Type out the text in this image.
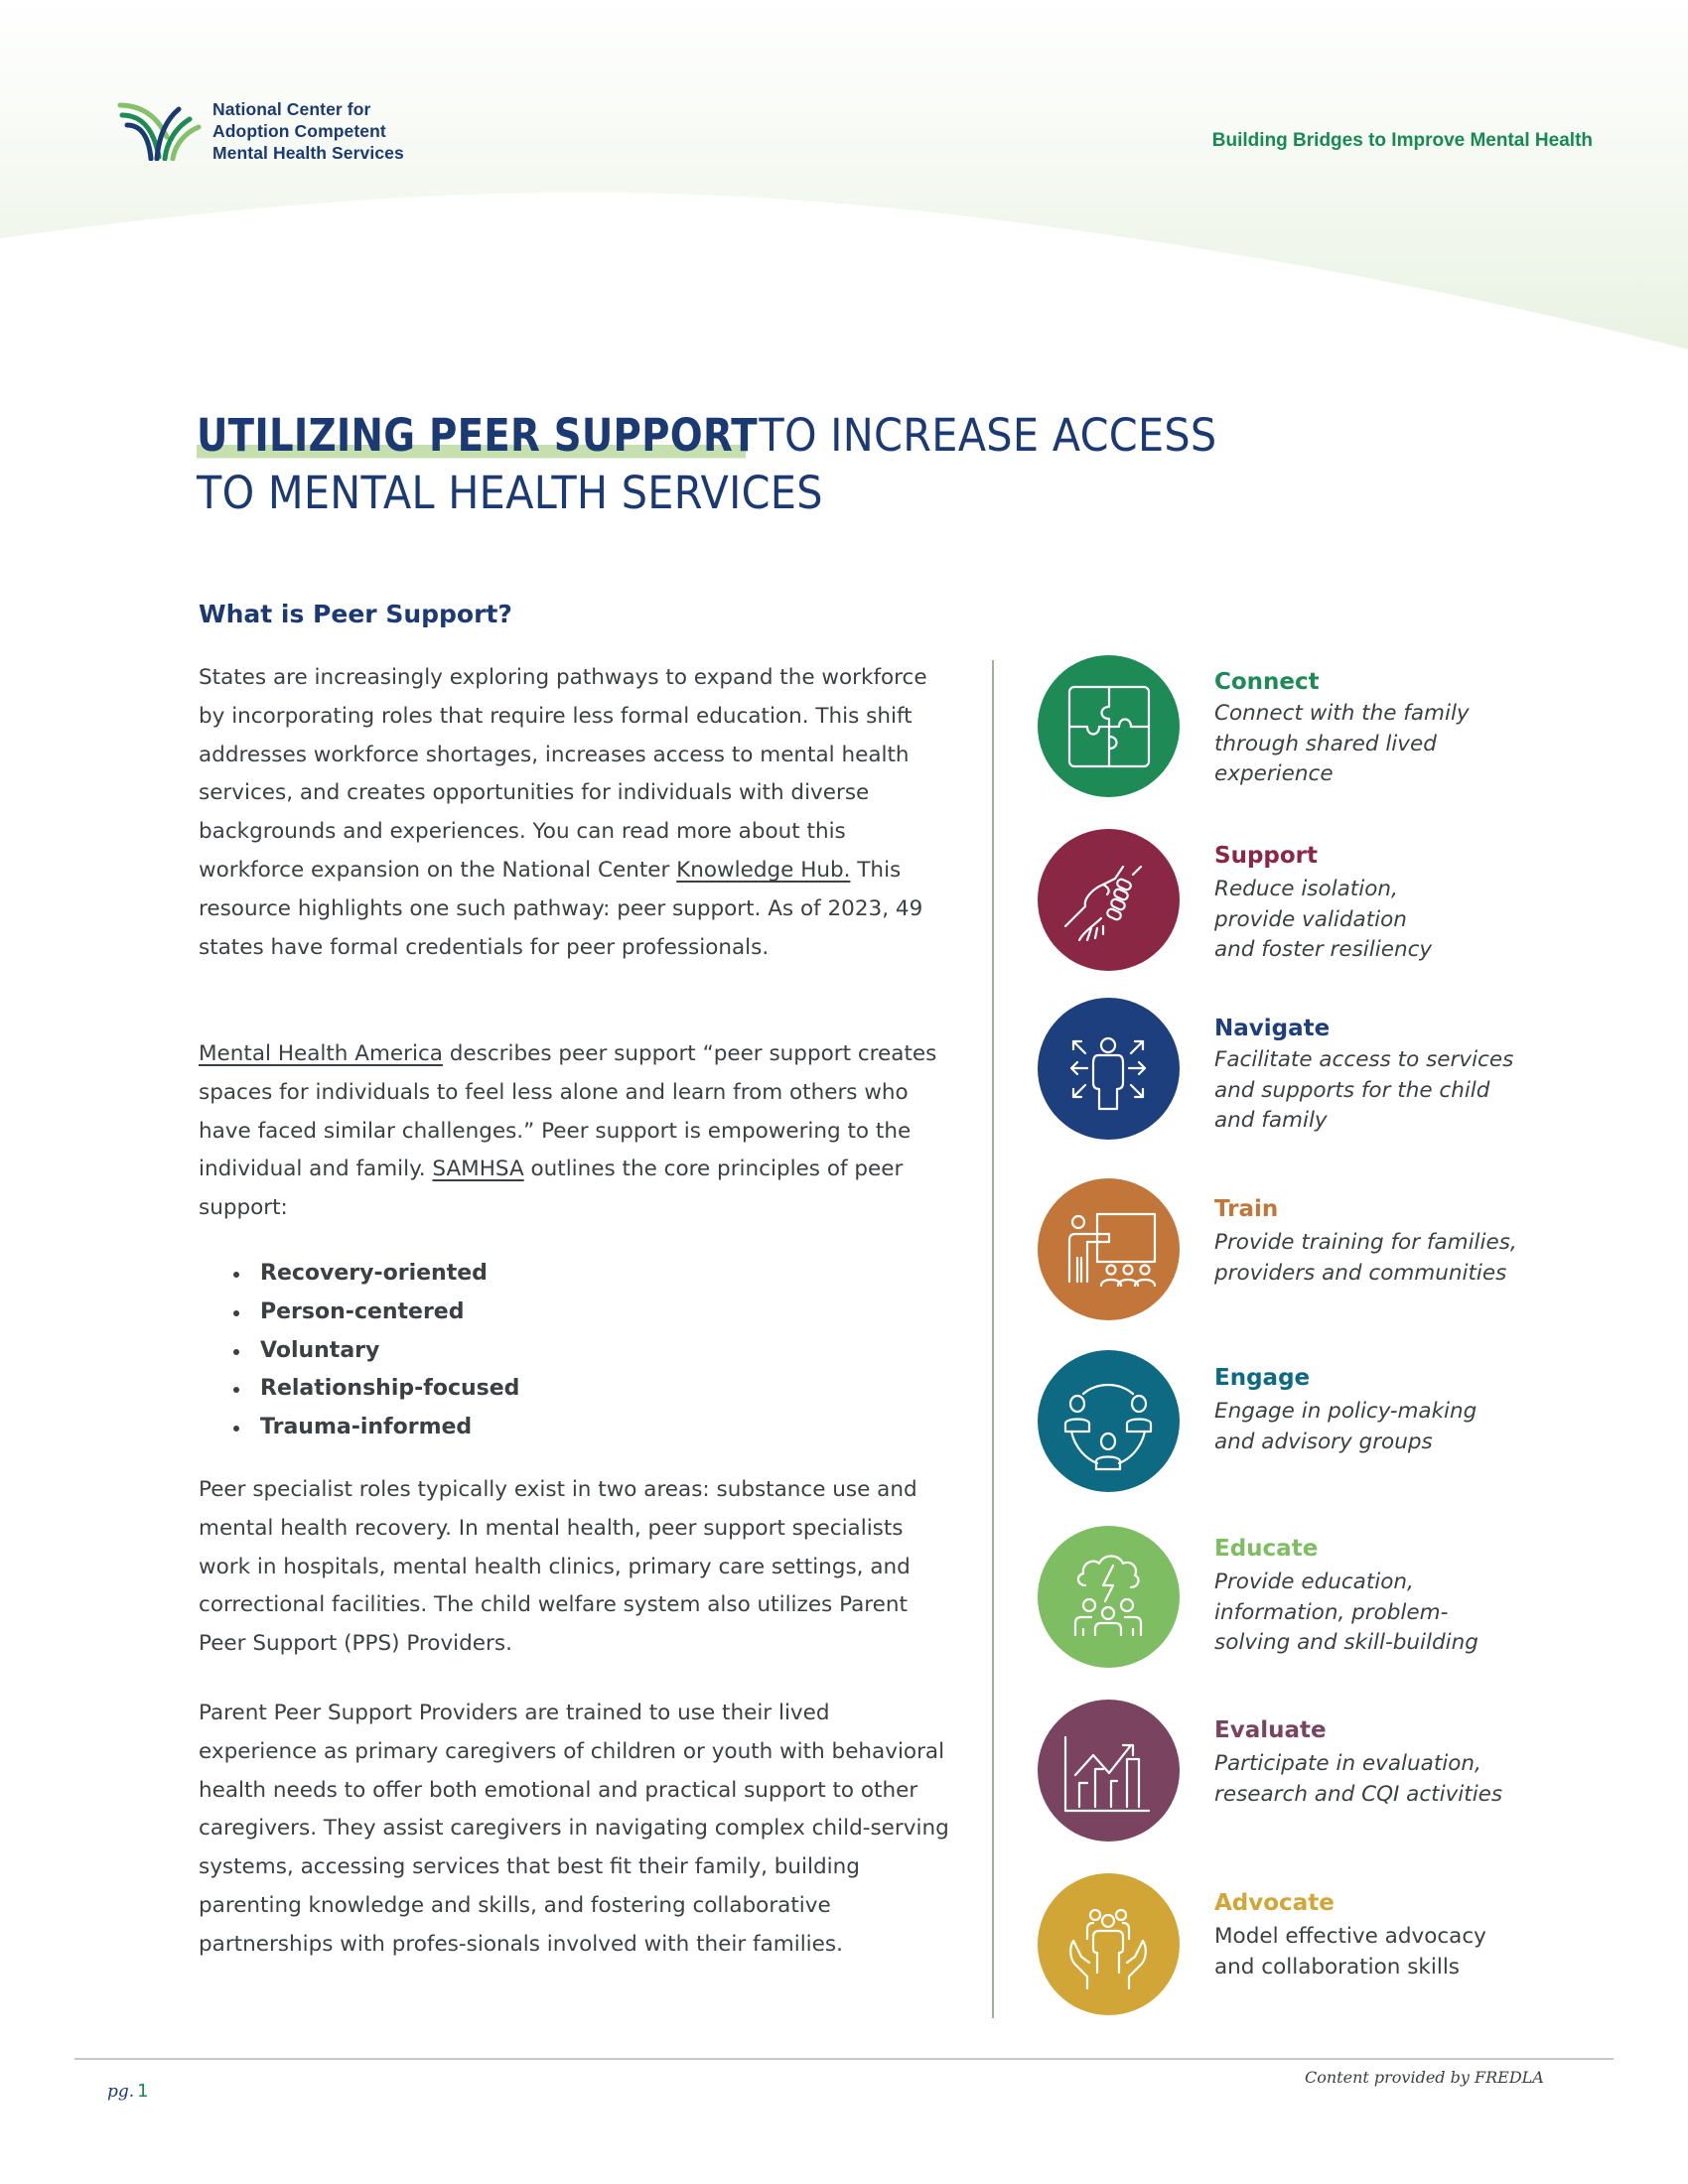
National Center for
Adoption Competent
Mental Health Services
Building Bridges to Improve Mental Health
UTILIZING PEER SUPPORT TO INCREASE ACCESS
TO MENTAL HEALTH SERVICES
What is Peer Support?

States are increasingly exploring pathways to expand the workforce by incorporating roles that require less formal education. This shift addresses workforce shortages, increases access to mental health services, and creates opportunities for individuals with diverse backgrounds and experiences. You can read more about this workforce expansion on the National Center Knowledge Hub. This resource highlights one such pathway: peer support. As of 2023, 49 states have formal credentials for peer professionals.

Mental Health America describes peer support “peer support creates spaces for individuals to feel less alone and learn from others who have faced similar challenges.” Peer support is empowering to the individual and family. SAMHSA outlines the core principles of peer support:

Recovery-oriented
Person-centered
Voluntary
Relationship-focused
Trauma-informed

Peer specialist roles typically exist in two areas: substance use and mental health recovery. In mental health, peer support specialists work in hospitals, mental health clinics, primary care settings, and correctional facilities. The child welfare system also utilizes Parent Peer Support (PPS) Providers.

Parent Peer Support Providers are trained to use their lived experience as primary caregivers of children or youth with behavioral health needs to offer both emotional and practical support to other caregivers. They assist caregivers in navigating complex child-serving systems, accessing services that best fit their family, building parenting knowledge and skills, and fostering collaborative partnerships with profes-sionals involved with their families.

Connect
Connect with the family
through shared lived
experience
Support
Reduce isolation,
provide validation
and foster resiliency
Navigate
Facilitate access to services
and supports for the child
and family
Train
Provide training for families,
providers and communities
Engage
Engage in policy-making
and advisory groups
Educate
Provide education,
information, problem-
solving and skill-building
Evaluate
Participate in evaluation,
research and CQI activities
Advocate
Model effective advocacy
and collaboration skills
pg. 1
Content provided by FREDLA
